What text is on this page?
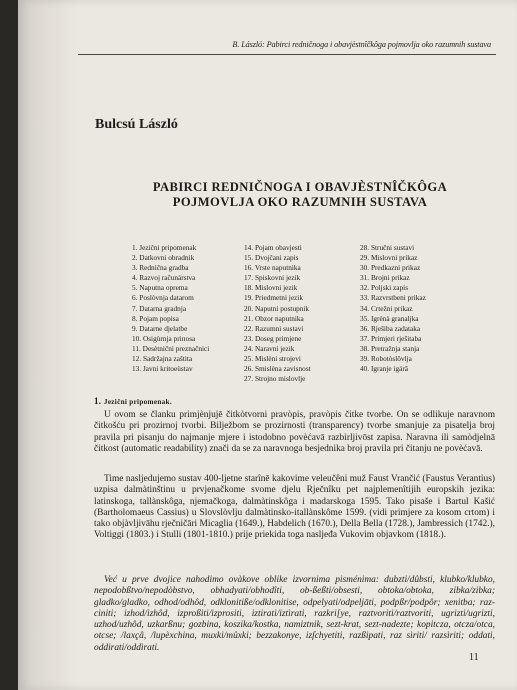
B. László: Pabirci redničnoga i obavjèstnîčkôga pojmovlja oko razumnih sustava
Bulcsú László
PABIRCI REDNIČNOGA I OBAVJÈSTNÎČKÔGA
POJMOVLJA OKO RAZUMNIH SUSTAVA
1. Jezični pripomenak
2. Datkovni obradnik
3. Redničnа gradba
4. Razvoj računárstva
5. Naputna oprema
6. Poslòvnja datarom
7. Datarna gradnja
8. Pojam popisa
9. Datarne djelatbe
10. Osigùrnja priпosa
11. Desètnični preznačnici
12. Sadržajna zaštita
13. Javni kritoeùstav
14. Pojam obavjesti
15. Dvojčani zapis
16. Vrste naputnika
17. Spiskovni jezik
18. Mislovni jezik
19. Priedmetni jezik
20. Naputni postupnik
21. Obzor naputnika
22. Razumni sustavi
23. Doseg primjene
24. Naravni jezik
25. Mislèni strojevi
26. Smislèna zavisnost
27. Strojno mislovlje
28. Stručni sustavi
29. Mislovni prikaz
30. Predkazni prikaz
31. Brojni prikaz
32. Poljski zapis
33. Razvrstbeni prikaz
34. Crtežni prikaz
35. Igrènà granaljka
36. Rješiba zadataka
37. Primjeri rješitaba
38. Pretražnja stanja
39. Robotòslôvlja
40. Igranje igárâ
1. Jezični pripomenak.

U ovom se članku primjènjujē čitkòtvorni pravòpis, pravòpis čitke tvorbe. On se odlikuje naravnom čitkošću pri prozirnoj tvorbi. Bilježbom se prozirnosti (transparency) tvorbe smanjuje za pisatelja broj pravila pri pisanju do najmanje mjere i istodobno povèćavā razbìrljivōst zapisa. Naravna ili samòdjelnā čitkost (automatic readability) znači da se za naravnoga besjednika broj pravila pri čitanju ne povèćavā.

Time nasljedujemo sustav 400-ljetne starînē kakovime veleučêni muž Faust Vrančić (Faustus Verantius) uzpisa dalmàtinštinu u prvjenačkome svome djelu Rječnîku pet najplemenîtijih europskih jezika: latinskoga, tallànskôga, njemačkoga, dalmàtinskôga i madarskoga 1595. Tako pisaše i Bartul Kašić (Bartholomaeus Cassius) u Slovslòvlju dalmàtinsko-itallànskôme 1599. (vidi primjere za kosom crtom) i tako objàvljivāhu rječničāri Micaglia (1649.), Habdelich (1670.), Della Bella (1728.), Jambressich (1742.), Voltiggi (1803.) i Stulli (1801-1810.) prije priekida toga nasljeđa Vukovim objavkom (1818.).

Već u prve dvojice nahodimo ovàkove oblike izvornima pisménima: dubzti/dûbsti, klubko/klubko, nepodobßtvo/nepodòbstvo, obhadyati/obhodîti, ob-ßeßti/obsesti, obtoka/obtoka, zibka/zibka; gladko/gladko, odhod/odhôd, odklonitiße/odklonitise, odpelyati/odpeljāti, podpßr/podpôr; xenitba; raz-ciniti; izhod/izhôd, izproßiti/izprositi, iztirati/iztìrati, razkri[ye, raztvoriti/raztvoriti, ugrizti/ugrizti, uzhod/uzhôd, uzkarßnu; gozbina, koszika/kostka, namiztnik, sezt-krat, sezt-nadezte; kopitcza, otcza/otca, otcse; /laxçâ, /lupèxchina, muxki/mûxki; bezzakonye, izſchyetiti, razßipati, raz sìriti/ razsìriti; oddati, oddirati/oddìrati.

11
